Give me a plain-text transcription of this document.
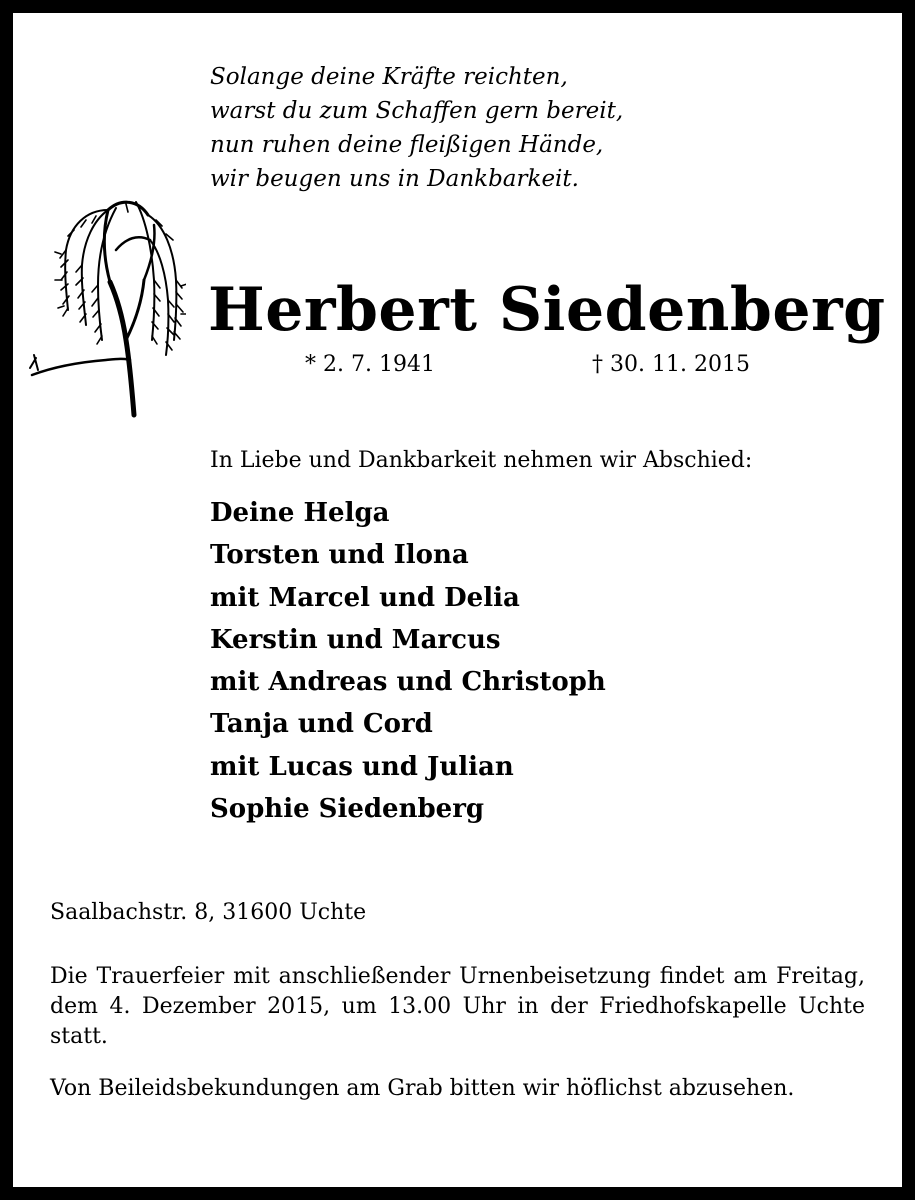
Solange deine Kräfte reichten,
warst du zum Schaffen gern bereit,
nun ruhen deine fleißigen Hände,
wir beugen uns in Dankbarkeit.
Herbert Siedenberg
* 2. 7. 1941	† 30. 11. 2015
In Liebe und Dankbarkeit nehmen wir Abschied:
Deine Helga
Torsten und Ilona
mit Marcel und Delia
Kerstin und Marcus
mit Andreas und Christoph
Tanja und Cord
mit Lucas und Julian
Sophie Siedenberg
Saalbachstr. 8, 31600 Uchte
Die Trauerfeier mit anschließender Urnenbeisetzung findet am Freitag, dem 4. Dezember 2015, um 13.00 Uhr in der Friedhofskapelle Uchte statt.
Von Beileidsbekundungen am Grab bitten wir höflichst abzusehen.
